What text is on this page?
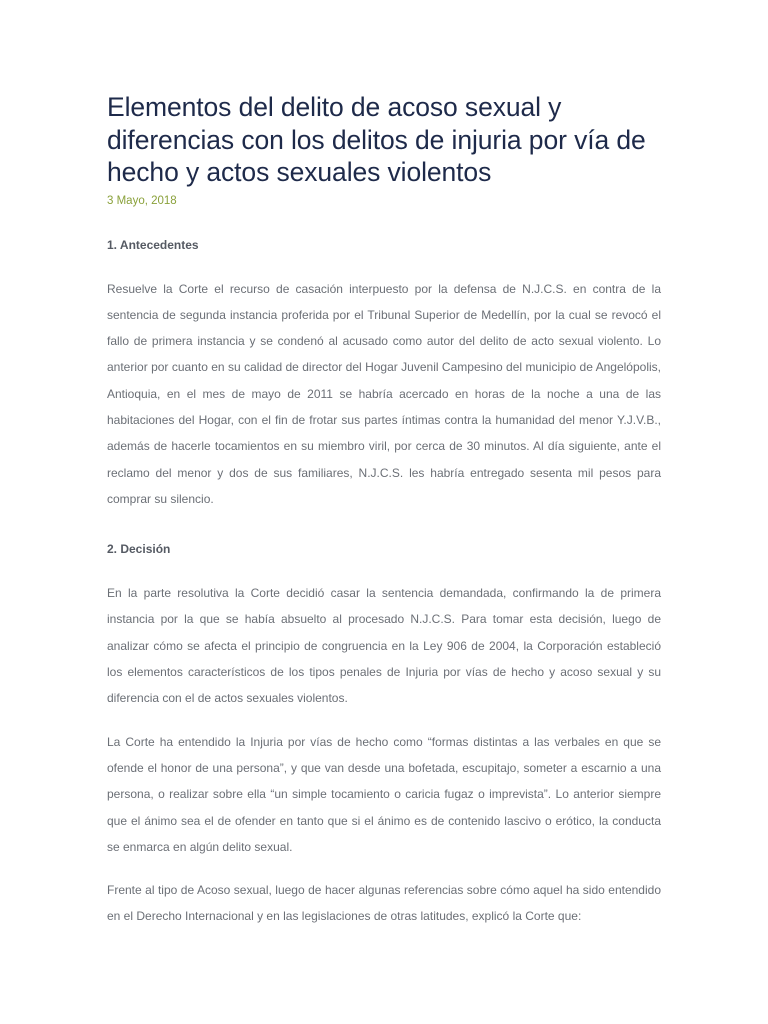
Elementos del delito de acoso sexual y diferencias con los delitos de injuria por vía de hecho y actos sexuales violentos
3 Mayo, 2018
1. Antecedentes

Resuelve la Corte el recurso de casación interpuesto por la defensa de N.J.C.S. en contra de la sentencia de segunda instancia proferida por el Tribunal Superior de Medellín, por la cual se revocó el fallo de primera instancia y se condenó al acusado como autor del delito de acto sexual violento. Lo anterior por cuanto en su calidad de director del Hogar Juvenil Campesino del municipio de Angelópolis, Antioquia, en el mes de mayo de 2011 se habría acercado en horas de la noche a una de las habitaciones del Hogar, con el fin de frotar sus partes íntimas contra la humanidad del menor Y.J.V.B., además de hacerle tocamientos en su miembro viril, por cerca de 30 minutos. Al día siguiente, ante el reclamo del menor y dos de sus familiares, N.J.C.S. les habría entregado sesenta mil pesos para comprar su silencio.

2. Decisión

En la parte resolutiva la Corte decidió casar la sentencia demandada, confirmando la de primera instancia por la que se había absuelto al procesado N.J.C.S. Para tomar esta decisión, luego de analizar cómo se afecta el principio de congruencia en la Ley 906 de 2004, la Corporación estableció los elementos característicos de los tipos penales de Injuria por vías de hecho y acoso sexual y su diferencia con el de actos sexuales violentos.

La Corte ha entendido la Injuria por vías de hecho como “formas distintas a las verbales en que se ofende el honor de una persona”, y que van desde una bofetada, escupitajo, someter a escarnio a una persona, o realizar sobre ella “un simple tocamiento o caricia fugaz o imprevista”. Lo anterior siempre que el ánimo sea el de ofender en tanto que si el ánimo es de contenido lascivo o erótico, la conducta se enmarca en algún delito sexual.

Frente al tipo de Acoso sexual, luego de hacer algunas referencias sobre cómo aquel ha sido entendido en el Derecho Internacional y en las legislaciones de otras latitudes, explicó la Corte que:
